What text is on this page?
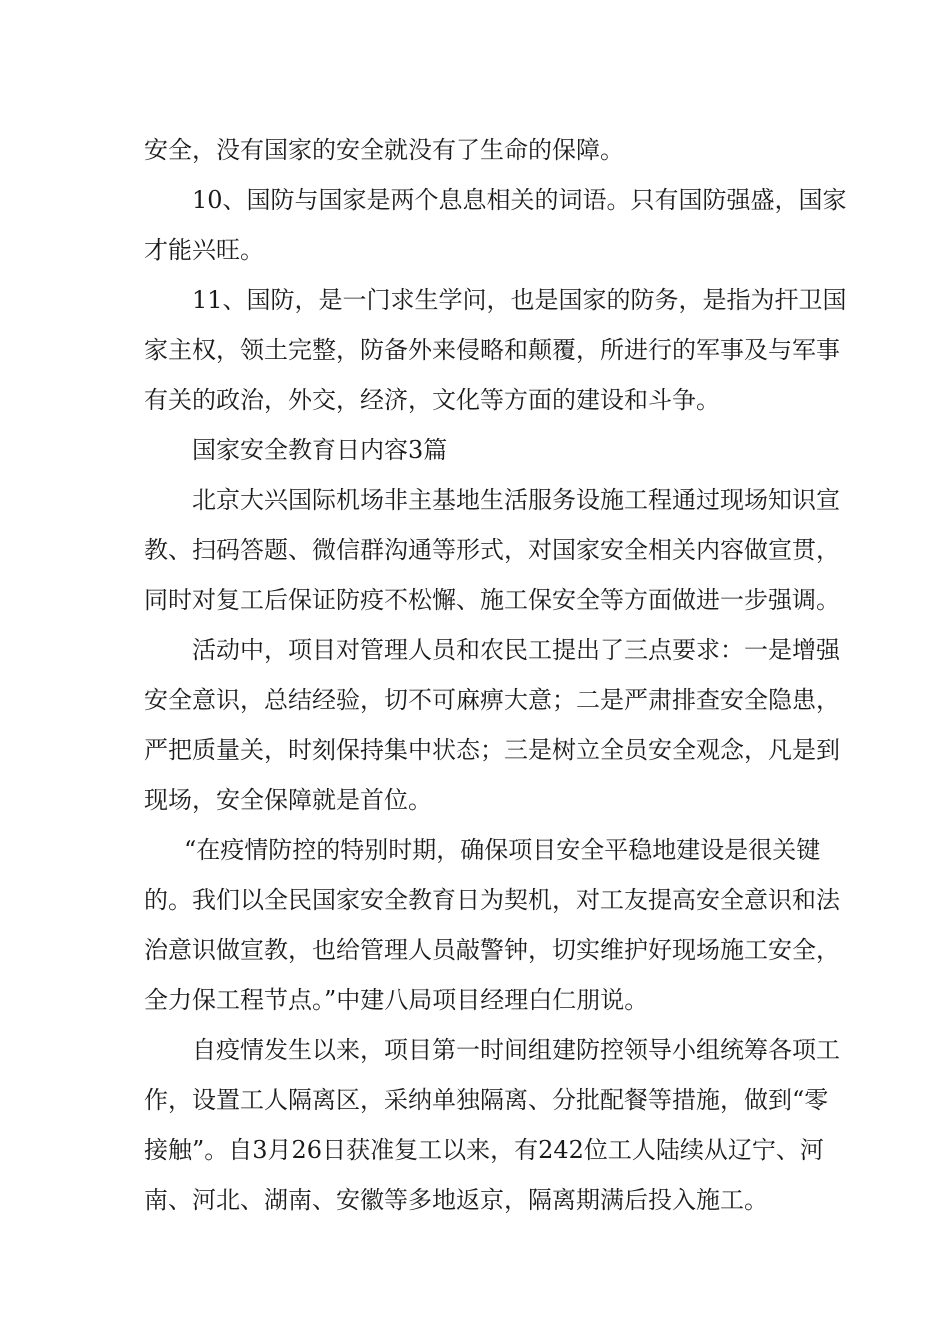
安全，没有国家的安全就没有了生命的保障。
10、国防与国家是两个息息相关的词语。只有国防强盛，国家
才能兴旺。
11、国防，是一门求生学问，也是国家的防务，是指为扞卫国
家主权，领土完整，防备外来侵略和颠覆，所进行的军事及与军事
有关的政治，外交，经济，文化等方面的建设和斗争。
国家安全教育日内容3篇
北京大兴国际机场非主基地生活服务设施工程通过现场知识宣
教、扫码答题、微信群沟通等形式，对国家安全相关内容做宣贯，
同时对复工后保证防疫不松懈、施工保安全等方面做进一步强调。
活动中，项目对管理人员和农民工提出了三点要求：一是增强
安全意识，总结经验，切不可麻痹大意；二是严肃排查安全隐患，
严把质量关，时刻保持集中状态；三是树立全员安全观念，凡是到
现场，安全保障就是首位。
“在疫情防控的特别时期，确保项目安全平稳地建设是很关键
的。我们以全民国家安全教育日为契机，对工友提高安全意识和法
治意识做宣教，也给管理人员敲警钟，切实维护好现场施工安全，
全力保工程节点。”中建八局项目经理白仁朋说。
自疫情发生以来，项目第一时间组建防控领导小组统筹各项工
作，设置工人隔离区，采纳单独隔离、分批配餐等措施，做到“零
接触”。自3月26日获准复工以来，有242位工人陆续从辽宁、河
南、河北、湖南、安徽等多地返京，隔离期满后投入施工。
